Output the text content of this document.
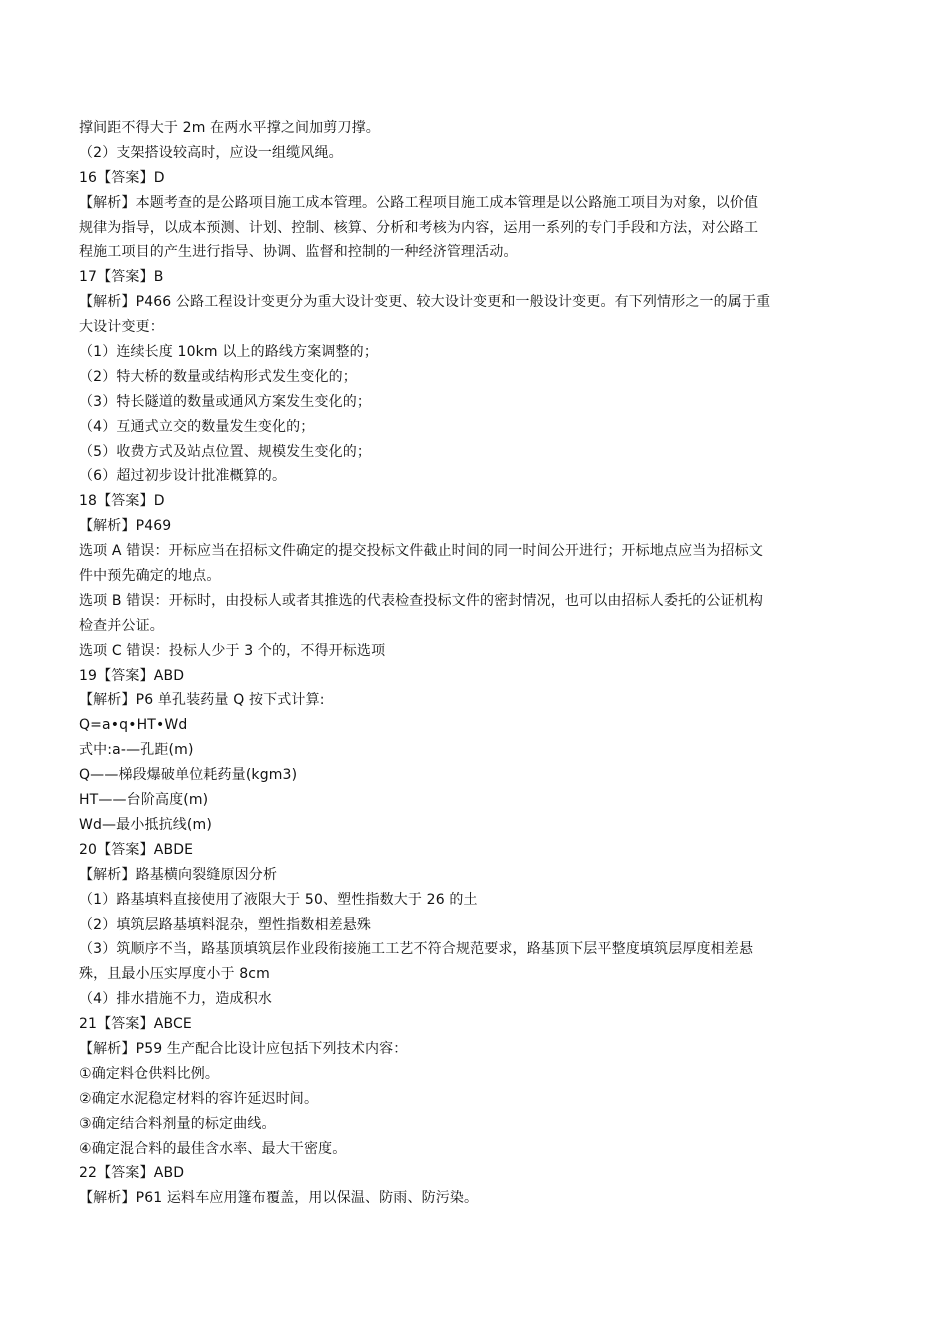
撑间距不得大于 2m 在两水平撑之间加剪刀撑。
（2）支架搭设较高时，应设一组缆风绳。
16【答案】D
【解析】本题考查的是公路项目施工成本管理。公路工程项目施工成本管理是以公路施工项目为对象，以价值
规律为指导，以成本预测、计划、控制、核算、分析和考核为内容，运用一系列的专门手段和方法，对公路工
程施工项目的产生进行指导、协调、监督和控制的一种经济管理活动。
17【答案】B
【解析】P466 公路工程设计变更分为重大设计变更、较大设计变更和一般设计变更。有下列情形之一的属于重
大设计变更：
（1）连续长度 10km 以上的路线方案调整的；
（2）特大桥的数量或结构形式发生变化的；
（3）特长隧道的数量或通风方案发生变化的；
（4）互通式立交的数量发生变化的；
（5）收费方式及站点位置、规模发生变化的；
（6）超过初步设计批准概算的。
18【答案】D
【解析】P469
选项 A 错误：开标应当在招标文件确定的提交投标文件截止时间的同一时间公开进行；开标地点应当为招标文
件中预先确定的地点。
选项 B 错误：开标时，由投标人或者其推选的代表检查投标文件的密封情况，也可以由招标人委托的公证机构
检查并公证。
选项 C 错误：投标人少于 3 个的，不得开标选项
19【答案】ABD
【解析】P6 单孔装药量 Q 按下式计算:
Q=a•q•HT•Wd
式中:a-—孔距(m)
Q——梯段爆破单位耗药量(kgm3)
HT——台阶高度(m)
Wd—最小抵抗线(m)
20【答案】ABDE
【解析】路基横向裂缝原因分析
（1）路基填料直接使用了液限大于 50、塑性指数大于 26 的土
（2）填筑层路基填料混杂，塑性指数相差悬殊
（3）筑顺序不当，路基顶填筑层作业段衔接施工工艺不符合规范要求，路基顶下层平整度填筑层厚度相差悬
殊，且最小压实厚度小于 8cm
（4）排水措施不力，造成积水
21【答案】ABCE
【解析】P59 生产配合比设计应包括下列技术内容：
①确定料仓供料比例。
②确定水泥稳定材料的容许延迟时间。
③确定结合料剂量的标定曲线。
④确定混合料的最佳含水率、最大干密度。
22【答案】ABD
【解析】P61 运料车应用篷布覆盖，用以保温、防雨、防污染。
